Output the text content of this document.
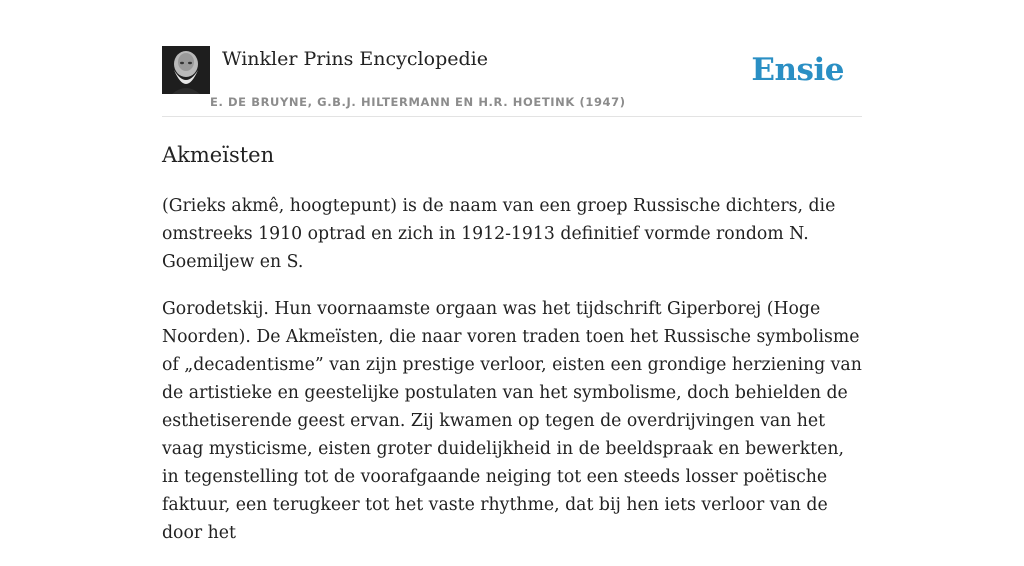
Winkler Prins Encyclopedie
E. DE BRUYNE, G.B.J. HILTERMANN EN H.R. HOETINK (1947)
Ensie
Akmeïsten

(Grieks akmê, hoogtepunt) is de naam van een groep Russische dichters, die omstreeks 1910 optrad en zich in 1912-1913 definitief vormde rondom N. Goemiljew en S.

Gorodetskij. Hun voornaamste orgaan was het tijdschrift Giperborej (Hoge Noorden). De Akmeïsten, die naar voren traden toen het Russische symbolisme of „decadentisme” van zijn prestige verloor, eisten een grondige herziening van de artistieke en geestelijke postulaten van het symbolisme, doch behielden de esthetiserende geest ervan. Zij kwamen op tegen de overdrijvingen van het vaag mysticisme, eisten groter duidelijkheid in de beeldspraak en bewerkten, in tegenstelling tot de voorafgaande neiging tot een steeds losser poëtische faktuur, een terugkeer tot het vaste rhythme, dat bij hen iets verloor van de door het
